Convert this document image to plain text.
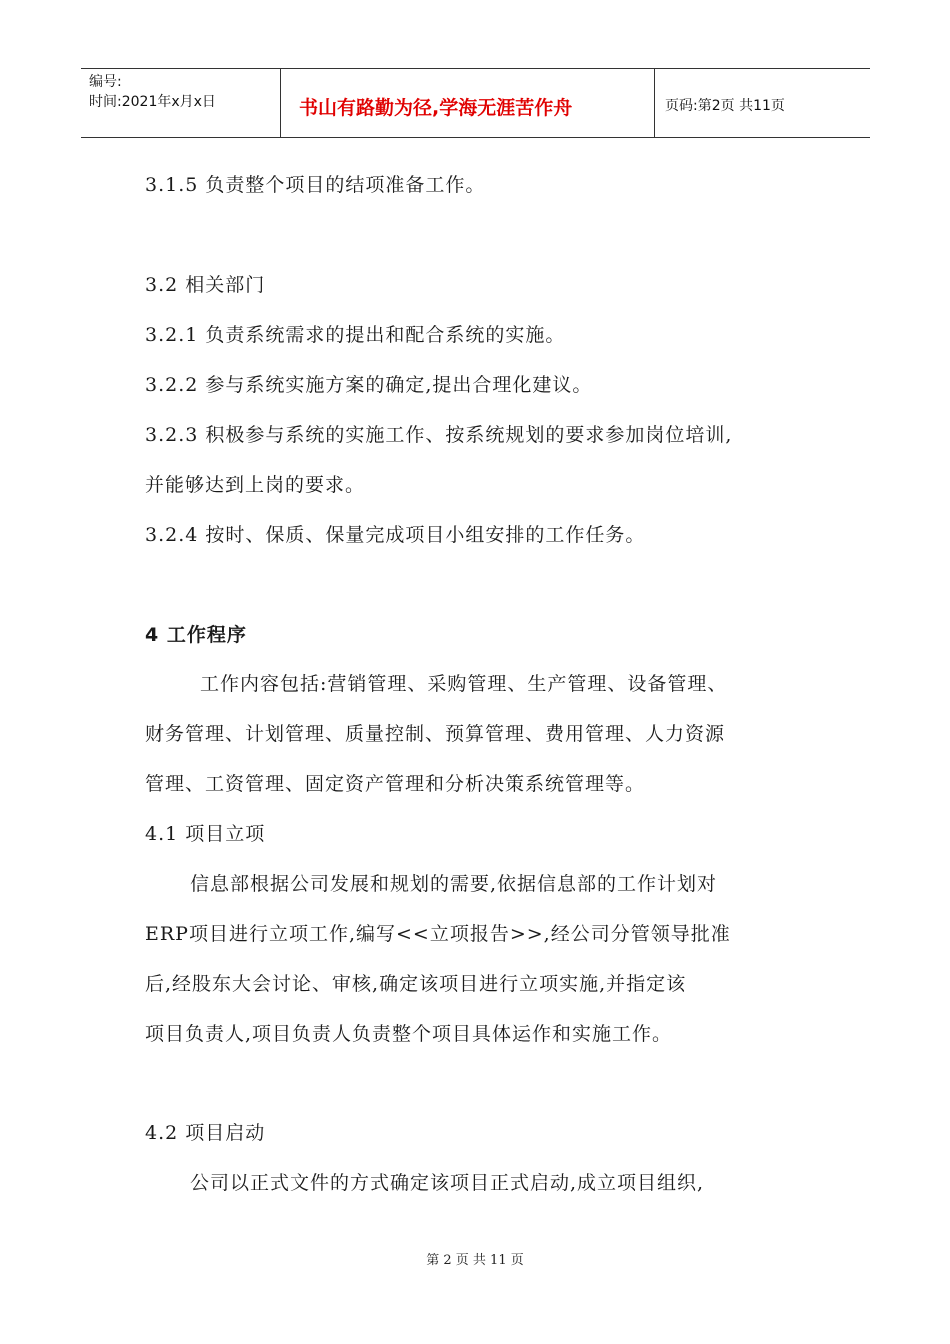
编号:
时间:2021年x月x日	书山有路勤为径,学海无涯苦作舟	页码:第2页 共11页
3.1.5 负责整个项目的结项准备工作。
3.2 相关部门
3.2.1 负责系统需求的提出和配合系统的实施。
3.2.2 参与系统实施方案的确定,提出合理化建议。
3.2.3 积极参与系统的实施工作、按系统规划的要求参加岗位培训,
并能够达到上岗的要求。
3.2.4 按时、保质、保量完成项目小组安排的工作任务。
4 工作程序
工作内容包括:营销管理、采购管理、生产管理、设备管理、
财务管理、计划管理、质量控制、预算管理、费用管理、人力资源
管理、工资管理、固定资产管理和分析决策系统管理等。
4.1 项目立项
信息部根据公司发展和规划的需要,依据信息部的工作计划对
ERP项目进行立项工作,编写<<立项报告>>,经公司分管领导批准
后,经股东大会讨论、审核,确定该项目进行立项实施,并指定该
项目负责人,项目负责人负责整个项目具体运作和实施工作。
4.2 项目启动
公司以正式文件的方式确定该项目正式启动,成立项目组织,
第 2 页 共 11 页
